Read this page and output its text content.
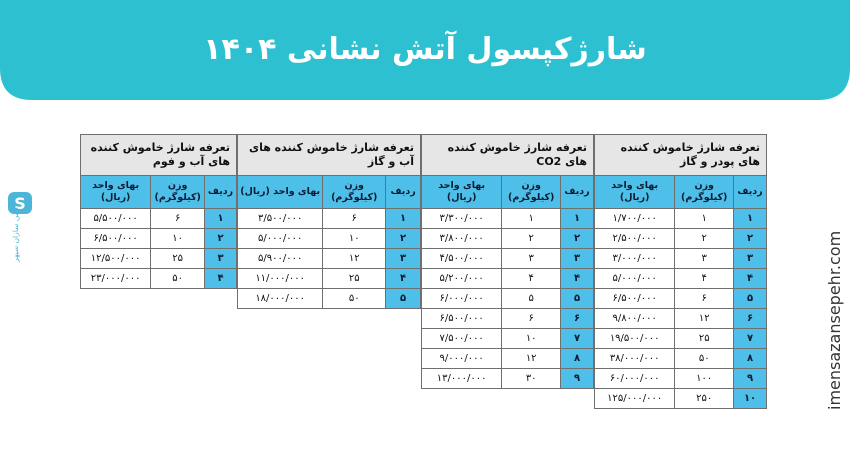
شارژکپسول آتش نشانی ۱۴۰۴
S
ایمن سازان سپهر	imensazansepehr.com
تعرفه شارژ خاموش کننده های پودر و گاز		
ردیف	وزن (کیلوگرم)	بهای واحد (ریال)
۱	۱	۱/۷۰۰/۰۰۰
۲	۲	۲/۵۰۰/۰۰۰
۳	۳	۳/۰۰۰/۰۰۰
۴	۴	۵/۰۰۰/۰۰۰
۵	۶	۶/۵۰۰/۰۰۰
۶	۱۲	۹/۸۰۰/۰۰۰
۷	۲۵	۱۹/۵۰۰/۰۰۰
۸	۵۰	۳۸/۰۰۰/۰۰۰
۹	۱۰۰	۶۰/۰۰۰/۰۰۰
۱۰	۲۵۰	۱۲۵/۰۰۰/۰۰۰
تعرفه شارژ خاموش کننده های CO2		
ردیف	وزن (کیلوگرم)	بهای واحد (ریال)
۱	۱	۳/۳۰۰/۰۰۰
۲	۲	۳/۸۰۰/۰۰۰
۳	۳	۴/۵۰۰/۰۰۰
۴	۴	۵/۲۰۰/۰۰۰
۵	۵	۶/۰۰۰/۰۰۰
۶	۶	۶/۵۰۰/۰۰۰
۷	۱۰	۷/۵۰۰/۰۰۰
۸	۱۲	۹/۰۰۰/۰۰۰
۹	۳۰	۱۳/۰۰۰/۰۰۰
تعرفه شارژ خاموش کننده های آب و گاز		
ردیف	وزن (کیلوگرم)	بهای واحد (ریال)
۱	۶	۳/۵۰۰/۰۰۰
۲	۱۰	۵/۰۰۰/۰۰۰
۳	۱۲	۵/۹۰۰/۰۰۰
۴	۲۵	۱۱/۰۰۰/۰۰۰
۵	۵۰	۱۸/۰۰۰/۰۰۰
تعرفه شارژ خاموش کننده های آب و فوم		
ردیف	وزن (کیلوگرم)	بهای واحد (ریال)
۱	۶	۵/۵۰۰/۰۰۰
۲	۱۰	۶/۵۰۰/۰۰۰
۳	۲۵	۱۲/۵۰۰/۰۰۰
۴	۵۰	۲۳/۰۰۰/۰۰۰
